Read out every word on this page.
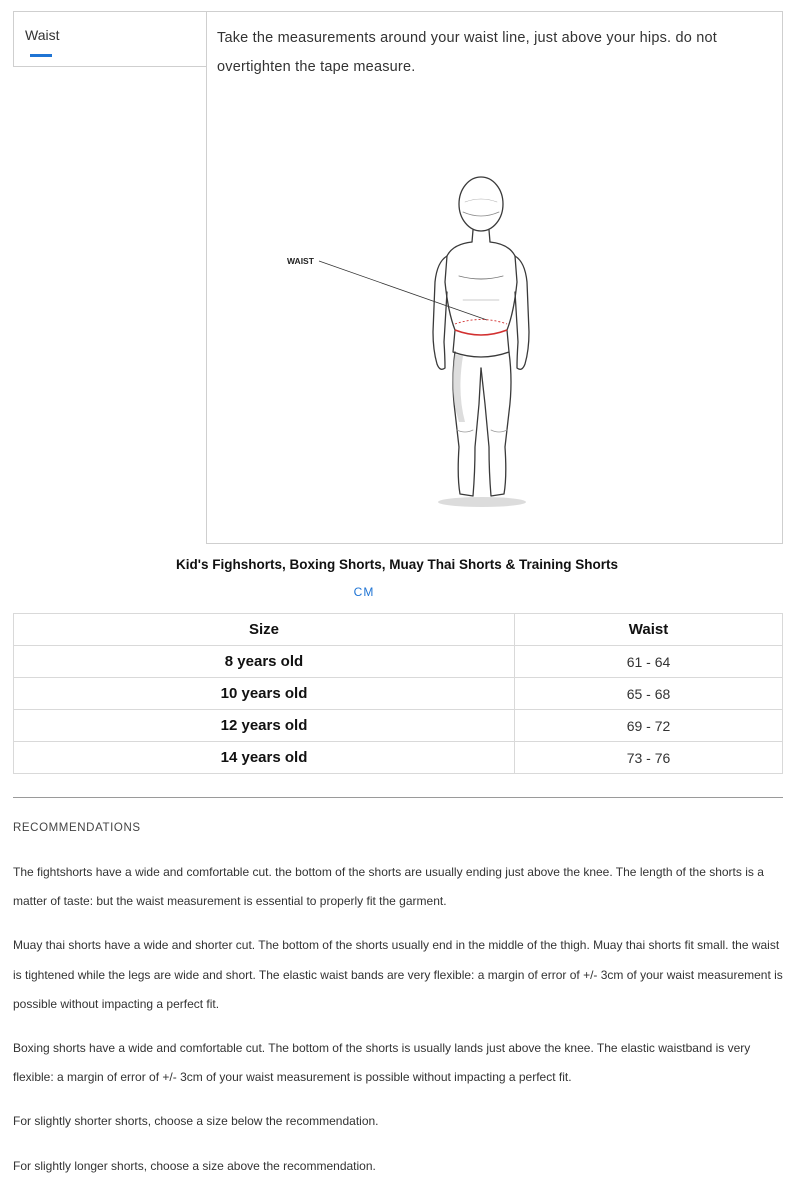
Take the measurements around your waist line, just above your hips. do not overtighten the tape measure.
WAIST
Waist
Kid's Fighshorts, Boxing Shorts, Muay Thai Shorts & Training Shorts
CM
Size	Waist
8 years old	61 - 64
10 years old	65 - 68
12 years old	69 - 72
14 years old	73 - 76
RECOMMENDATIONS

The fightshorts have a wide and comfortable cut. the bottom of the shorts are usually ending just above the knee. The length of the shorts is a matter of taste: but the waist measurement is essential to properly fit the garment.

Muay thai shorts have a wide and shorter cut. The bottom of the shorts usually end in the middle of the thigh. Muay thai shorts fit small. the waist is tightened while the legs are wide and short. The elastic waist bands are very flexible: a margin of error of +/- 3cm of your waist measurement is possible without impacting a perfect fit.

Boxing shorts have a wide and comfortable cut. The bottom of the shorts is usually lands just above the knee. The elastic waistband is very flexible: a margin of error of +/- 3cm of your waist measurement is possible without impacting a perfect fit.

For slightly shorter shorts, choose a size below the recommendation.

For slightly longer shorts, choose a size above the recommendation.
